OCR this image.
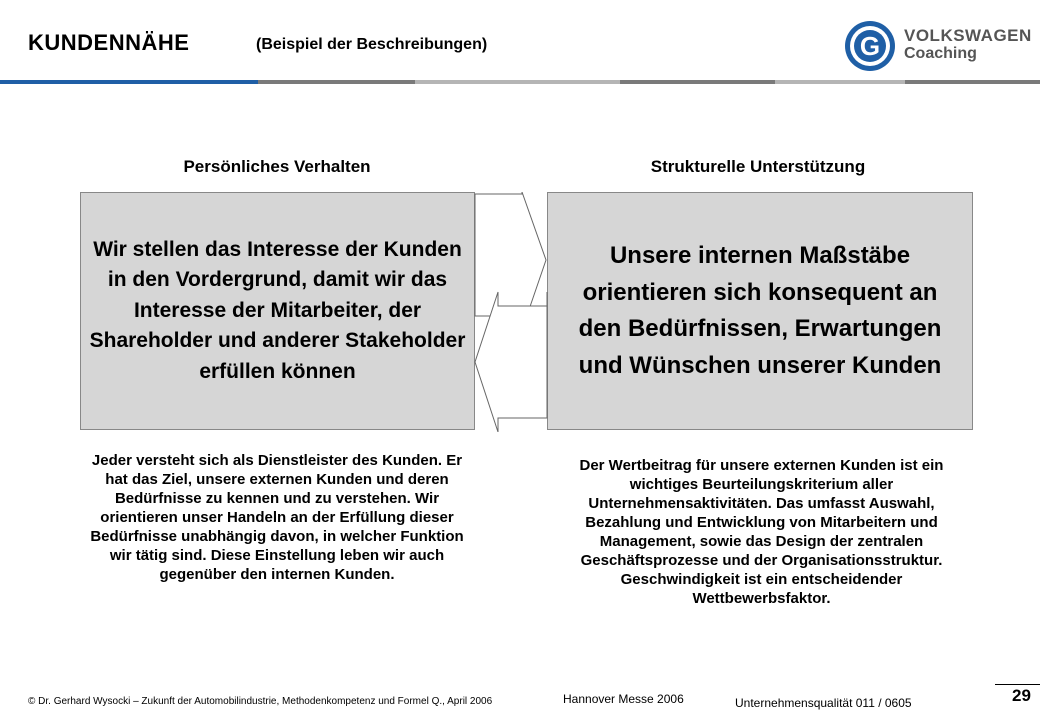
KUNDENNÄHE	(Beispiel der Beschreibungen)	G VOLKSWAGEN
Coaching
Persönliches Verhalten	Strukturelle Unterstützung
Wir stellen das Interesse der Kunden in den Vordergrund, damit wir das Interesse der Mitarbeiter, der Shareholder und anderer Stakeholder erfüllen können
Unsere internen Maßstäbe orientieren sich konsequent an den Bedürfnissen, Erwartungen und Wünschen unserer Kunden
Jeder versteht sich als Dienstleister des Kunden. Er hat das Ziel, unsere externen Kunden und deren Bedürfnisse zu kennen und zu verstehen. Wir orientieren unser Handeln an der Erfüllung dieser Bedürfnisse unabhängig davon, in welcher Funktion wir tätig sind. Diese Einstellung leben wir auch gegenüber den internen Kunden.
Der Wertbeitrag für unsere externen Kunden ist ein wichtiges Beurteilungskriterium aller Unternehmensaktivitäten. Das umfasst Auswahl, Bezahlung und Entwicklung von Mitarbeitern und Management, sowie das Design der zentralen Geschäftsprozesse und der Organisationsstruktur. Geschwindigkeit ist ein entscheidender Wettbewerbsfaktor.
© Dr. Gerhard Wysocki – Zukunft der Automobilindustrie, Methodenkompetenz und Formel Q., April 2006	Hannover Messe 2006	Unternehmensqualität 011 / 0605	29
